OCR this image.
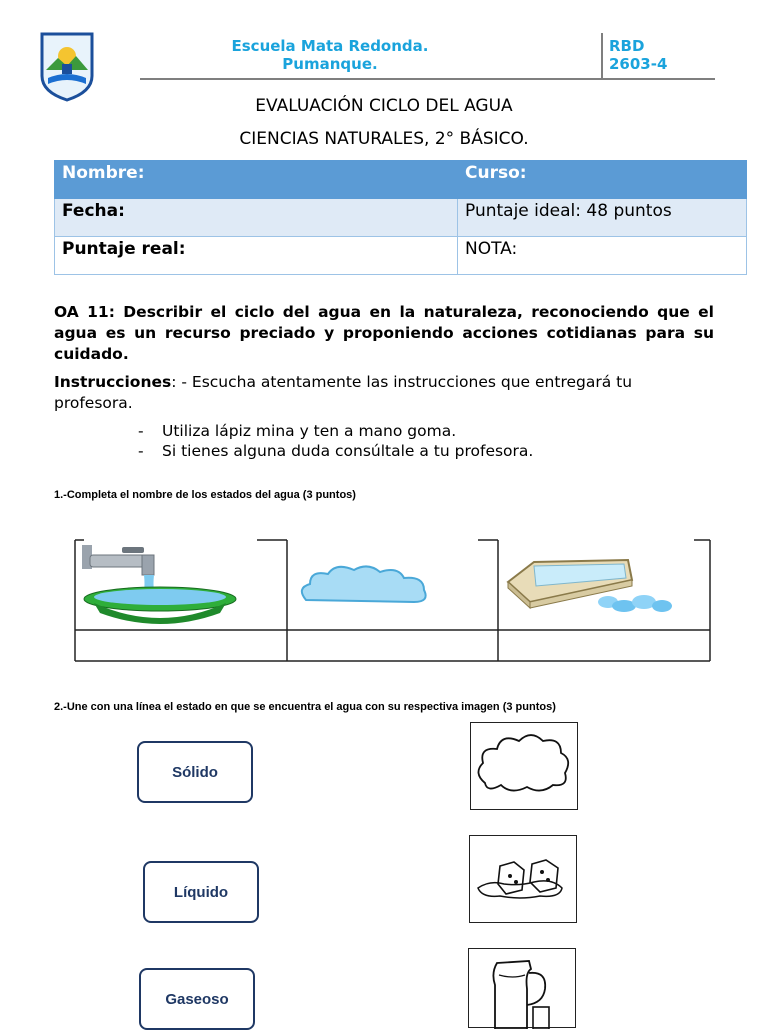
Escuela Mata Redonda.
Pumanque.
RBD
2603-4
EVALUACIÓN CICLO DEL AGUA
CIENCIAS NATURALES, 2° BÁSICO.
Nombre:	Curso:
Fecha:	Puntaje ideal: 48 puntos
Puntaje real:	NOTA:
OA 11: Describir el ciclo del agua en la naturaleza, reconociendo que el agua es un recurso preciado y proponiendo acciones cotidianas para su cuidado.
Instrucciones: - Escucha atentamente las instrucciones que entregará tu profesora.
- Utiliza lápiz mina y ten a mano goma.
- Si tienes alguna duda consúltale a tu profesora.
1.-Completa el nombre de los estados del agua (3 puntos)
2.-Une con una línea el estado en que se encuentra el agua con su respectiva imagen (3 puntos)
Sólido
Líquido
Gaseoso
